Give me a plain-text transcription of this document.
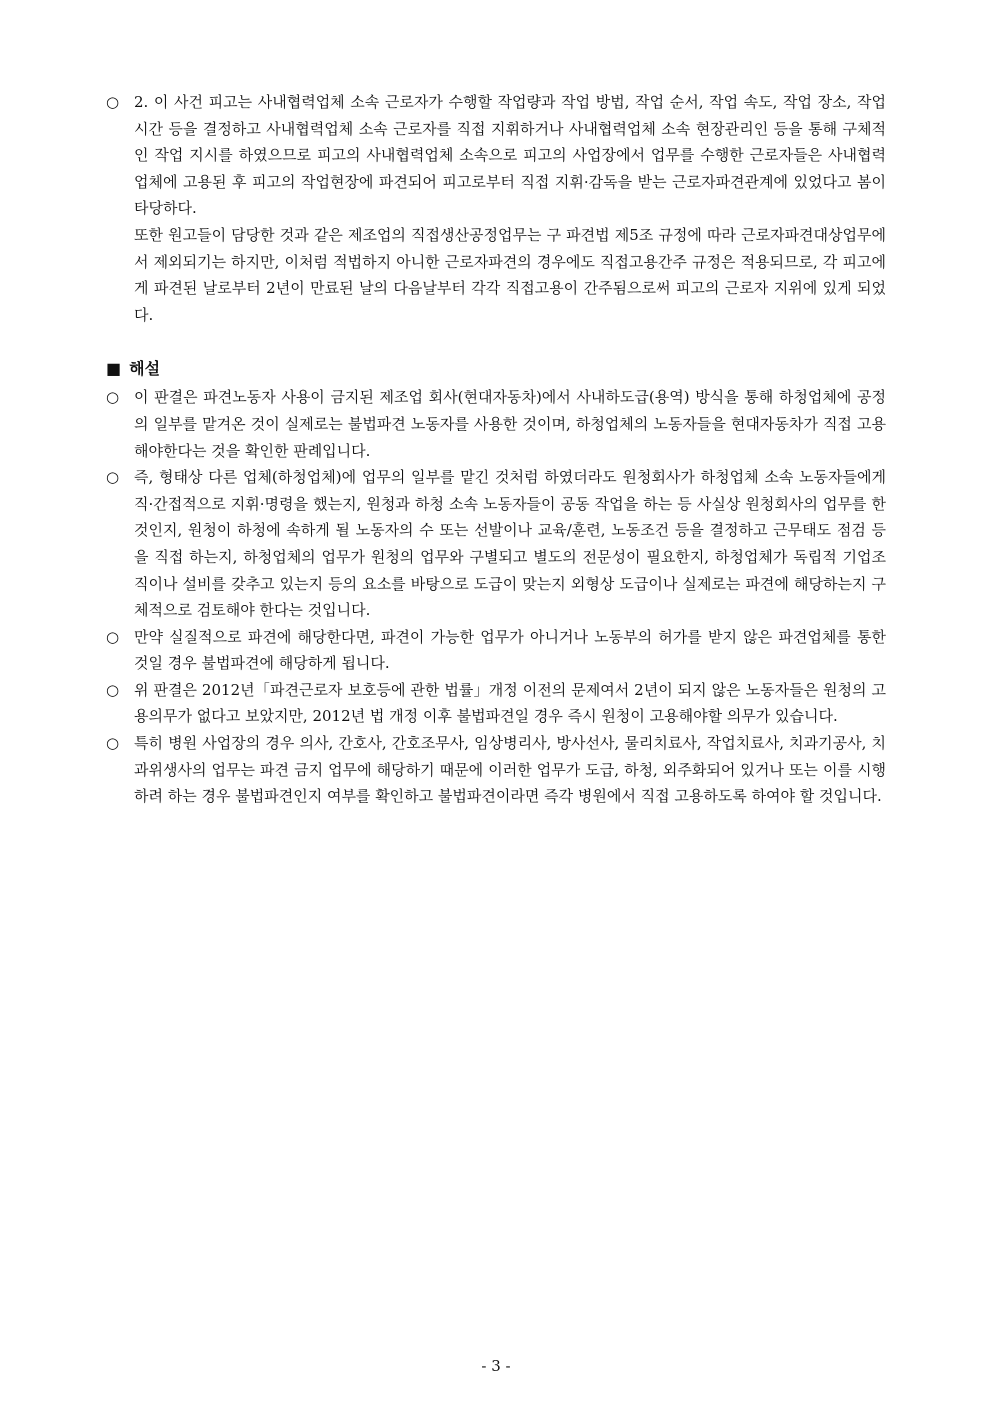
○ 2. 이 사건 피고는 사내협력업체 소속 근로자가 수행할 작업량과 작업 방법, 작업 순서, 작업 속도, 작업 장소, 작업 시간 등을 결정하고 사내협력업체 소속 근로자를 직접 지휘하거나 사내협력업체 소속 현장관리인 등을 통해 구체적인 작업 지시를 하였으므로 피고의 사내협력업체 소속으로 피고의 사업장에서 업무를 수행한 근로자들은 사내협력업체에 고용된 후 피고의 작업현장에 파견되어 피고로부터 직접 지휘·감독을 받는 근로자파견관계에 있었다고 봄이 타당하다.
또한 원고들이 담당한 것과 같은 제조업의 직접생산공정업무는 구 파견법 제5조 규정에 따라 근로자파견대상업무에서 제외되기는 하지만, 이처럼 적법하지 아니한 근로자파견의 경우에도 직접고용간주 규정은 적용되므로, 각 피고에게 파견된 날로부터 2년이 만료된 날의 다음날부터 각각 직접고용이 간주됨으로써 피고의 근로자 지위에 있게 되었다.
■ 해설
○ 이 판결은 파견노동자 사용이 금지된 제조업 회사(현대자동차)에서 사내하도급(용역) 방식을 통해 하청업체에 공정의 일부를 맡겨온 것이 실제로는 불법파견 노동자를 사용한 것이며, 하청업체의 노동자들을 현대자동차가 직접 고용해야한다는 것을 확인한 판례입니다.
○ 즉, 형태상 다른 업체(하청업체)에 업무의 일부를 맡긴 것처럼 하였더라도 원청회사가 하청업체 소속 노동자들에게 직·간접적으로 지휘·명령을 했는지, 원청과 하청 소속 노동자들이 공동 작업을 하는 등 사실상 원청회사의 업무를 한 것인지, 원청이 하청에 속하게 될 노동자의 수 또는 선발이나 교육/훈련, 노동조건 등을 결정하고 근무태도 점검 등을 직접 하는지, 하청업체의 업무가 원청의 업무와 구별되고 별도의 전문성이 필요한지, 하청업체가 독립적 기업조직이나 설비를 갖추고 있는지 등의 요소를 바탕으로 도급이 맞는지 외형상 도급이나 실제로는 파견에 해당하는지 구체적으로 검토해야 한다는 것입니다.
○ 만약 실질적으로 파견에 해당한다면, 파견이 가능한 업무가 아니거나 노동부의 허가를 받지 않은 파견업체를 통한 것일 경우 불법파견에 해당하게 됩니다.
○ 위 판결은 2012년「파견근로자 보호등에 관한 법률」개정 이전의 문제여서 2년이 되지 않은 노동자들은 원청의 고용의무가 없다고 보았지만, 2012년 법 개정 이후 불법파견일 경우 즉시 원청이 고용해야할 의무가 있습니다.
○ 특히 병원 사업장의 경우 의사, 간호사, 간호조무사, 임상병리사, 방사선사, 물리치료사, 작업치료사, 치과기공사, 치과위생사의 업무는 파견 금지 업무에 해당하기 때문에 이러한 업무가 도급, 하청, 외주화되어 있거나 또는 이를 시행하려 하는 경우 불법파견인지 여부를 확인하고 불법파견이라면 즉각 병원에서 직접 고용하도록 하여야 할 것입니다.
- 3 -
